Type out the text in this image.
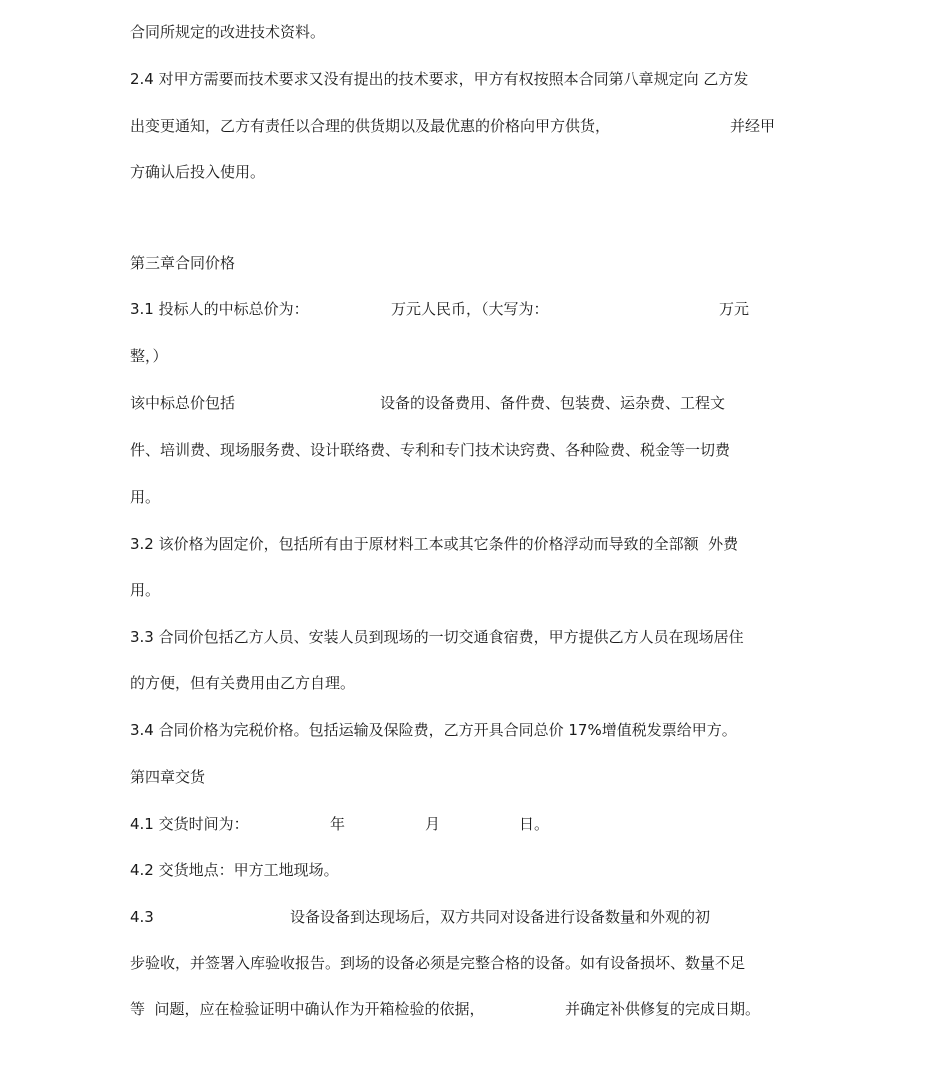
合同所规定的改进技术资料。

2.4 对甲方需要而技术要求又没有提出的技术要求，甲方有权按照本合同第八章规定向 乙方发

出变更通知，乙方有责任以合理的供货期以及最优惠的价格向甲方供货，

	并经甲

方确认后投入使用。

第三章合同价格

3.1 投标人的中标总价为：

	万元人民币，（大写为：

	万元

整，）

该中标总价包括

	设备的设备费用、备件费、包装费、运杂费、工程文

件、培训费、现场服务费、设计联络费、专利和专门技术诀窍费、各种险费、税金等一切费

用。

3.2 该价格为固定价，包括所有由于原材料工本或其它条件的价格浮动而导致的全部额  外费

用。

3.3 合同价包括乙方人员、安装人员到现场的一切交通食宿费，甲方提供乙方人员在现场居住

的方便，但有关费用由乙方自理。

3.4 合同价格为完税价格。包括运输及保险费，乙方开具合同总价 17%增值税发票给甲方。

第四章交货

4.1 交货时间为：

	年

	月

	日。

4.2 交货地点：甲方工地现场。

4.3

	设备设备到达现场后，双方共同对设备进行设备数量和外观的初

步验收，并签署入库验收报告。到场的设备必须是完整合格的设备。如有设备损坏、数量不足

等  问题，应在检验证明中确认作为开箱检验的依据，

	并确定补供修复的完成日期。
